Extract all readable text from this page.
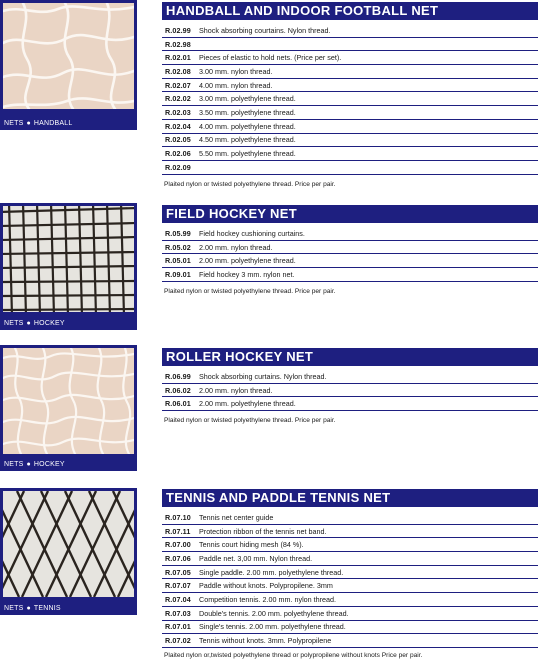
NETS ● HANDBALL
HANDBALL AND INDOOR FOOTBALL NET
R.02.99	Shock absorbing courtains. Nylon thread.
R.02.98
R.02.01	Pieces of elastic to hold nets. (Price per set).
R.02.08	3.00 mm. nylon thread.
R.02.07	4.00 mm. nylon thread.
R.02.02	3.00 mm. polyethylene thread.
R.02.03	3.50 mm. polyethylene thread.
R.02.04	4.00 mm. polyethylene thread.
R.02.05	4.50 mm. polyethylene thread.
R.02.06	5.50 mm. polyethylene thread.
R.02.09
Plaited nylon or twisted polyethylene thread. Price per pair.
NETS ● HOCKEY
FIELD HOCKEY NET
R.05.99	Field hockey cushioning curtains.
R.05.02	2.00 mm. nylon thread.
R.05.01	2.00 mm. polyethylene thread.
R.09.01	Field hockey 3 mm. nylon net.
Plaited nylon or twisted polyethylene thread. Price per pair.
NETS ● HOCKEY
ROLLER HOCKEY NET
R.06.99	Shock absorbing curtains. Nylon thread.
R.06.02	2.00 mm. nylon thread.
R.06.01	2.00 mm. polyethylene thread.
Plaited nylon or twisted polyethylene thread. Price per pair.
NETS ● TENNIS
TENNIS AND PADDLE TENNIS NET
R.07.10	Tennis net center guide
R.07.11	Protection ribbon of the tennis net band.
R.07.00	Tennis court hiding mesh (84 %).
R.07.06	Paddle net. 3,00 mm. Nylon thread.
R.07.05	Single paddle. 2.00 mm. polyethylene thread.
R.07.07	Paddle without knots. Polypropilene. 3mm
R.07.04	Competition tennis. 2.00 mm. nylon thread.
R.07.03	Double's tennis. 2.00 mm. polyethylene thread.
R.07.01	Single's tennis. 2.00 mm. polyethylene thread.
R.07.02	Tennis without knots. 3mm. Polypropilene
Plaited nylon or,twisted polyethylene thread or polypropilene without knots Price per pair.
